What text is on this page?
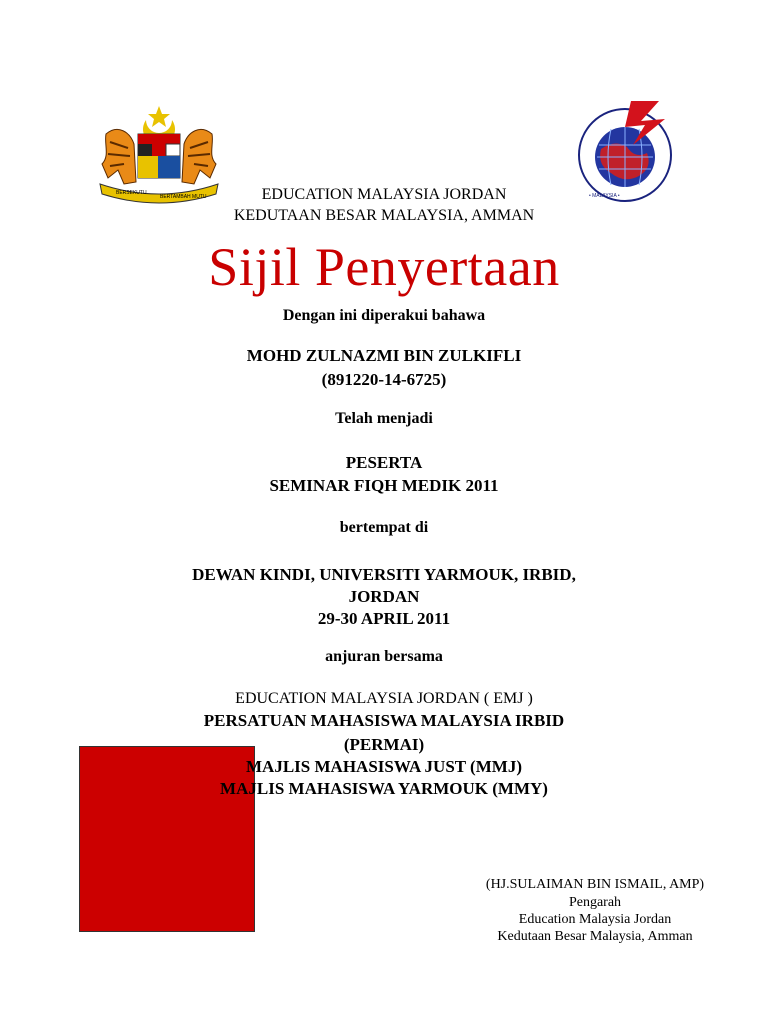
BERSEKUTU
BERTAMBAH MUTU	• MALAYSIA •
EDUCATION MALAYSIA JORDAN
KEDUTAAN BESAR MALAYSIA, AMMAN
Sijil Penyertaan
Dengan ini diperakui bahawa
MOHD ZULNAZMI BIN ZULKIFLI
(891220-14-6725)
Telah menjadi
PESERTA
SEMINAR FIQH MEDIK 2011
bertempat di
DEWAN KINDI, UNIVERSITI YARMOUK, IRBID,
JORDAN
29-30 APRIL 2011
anjuran bersama
EDUCATION MALAYSIA JORDAN ( EMJ )
PERSATUAN MAHASISWA MALAYSIA IRBID
(PERMAI)
MAJLIS MAHASISWA JUST (MMJ)
MAJLIS MAHASISWA YARMOUK (MMY)
(HJ.SULAIMAN BIN ISMAIL, AMP)
Pengarah
Education Malaysia Jordan
Kedutaan Besar Malaysia, Amman
